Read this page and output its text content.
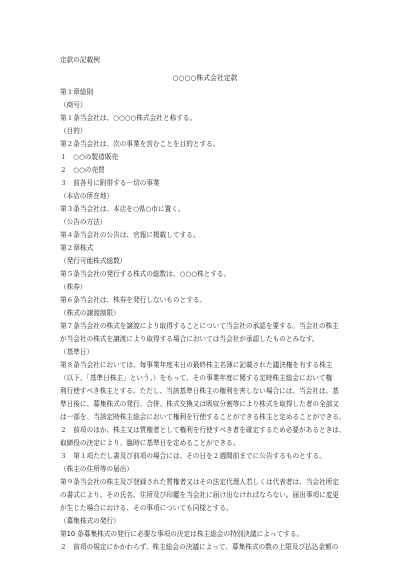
定款の記載例
○○○○株式会社定款
第１章総則
（商号）
第１条当会社は、○○○○株式会社と称する。
（目的）
第２条当会社は、次の事業を営むことを目的とする。
１　○○の製造販売
２　○○の売買
３　前各号に附帯する一切の事業
（本店の所在地）
第３条当会社は、本店を○県○市に置く。
（公告の方法）
第４条当会社の公告は、官報に掲載してする。
第２章株式
（発行可能株式総数）
第５条当会社の発行する株式の総数は、○○○株とする。
（株券）
第６条当会社は、株券を発行しないものとする。
（株式の譲渡制限）
第７条当会社の株式を譲渡により取得することについて当会社の承認を要する。当会社の株主
が当会社の株式を譲渡により取得する場合においては当会社が承認したものとみなす。
（基準日）
第８条当会社においては、毎事業年度末日の最終株主名簿に記載された議決権を有する株主
（以下、「基準日株主」という。）をもって、その事業年度に関する定時株主総会において権
利行使すべき株主とする。ただし、当該基準日株主の権利を害しない場合には、当会社は、基
準日後に、募集株式の発行、合併、株式交換又は吸収分割等により株式を取得した者の全部又
は一部を、当該定時株主総会において権利を行使することができる株主と定めることができる。
２　前項のほか、株主又は質権者として権利を行使すべき者を確定するため必要があるときは、
取締役の決定により、臨時に基準日を定めることができる。
３　第１項ただし書及び前項の場合には、その日を２週間前までに公告するものとする。
（株主の住所等の届出）
第９条当会社の株主及び登録された質権者又はその法定代理人若しくは代表者は、当会社所定
の書式により、その氏名、住所及び印鑑を当会社に届け出なければならない。届出事項に変更
が生じた場合における、その事項についても同様とする。
（募集株式の発行）
第10 条募集株式の発行に必要な事項の決定は株主総会の特別決議によってする。
２　前項の規定にかかわらず、株主総会の決議によって、募集株式の数の上限及び払込金額の
